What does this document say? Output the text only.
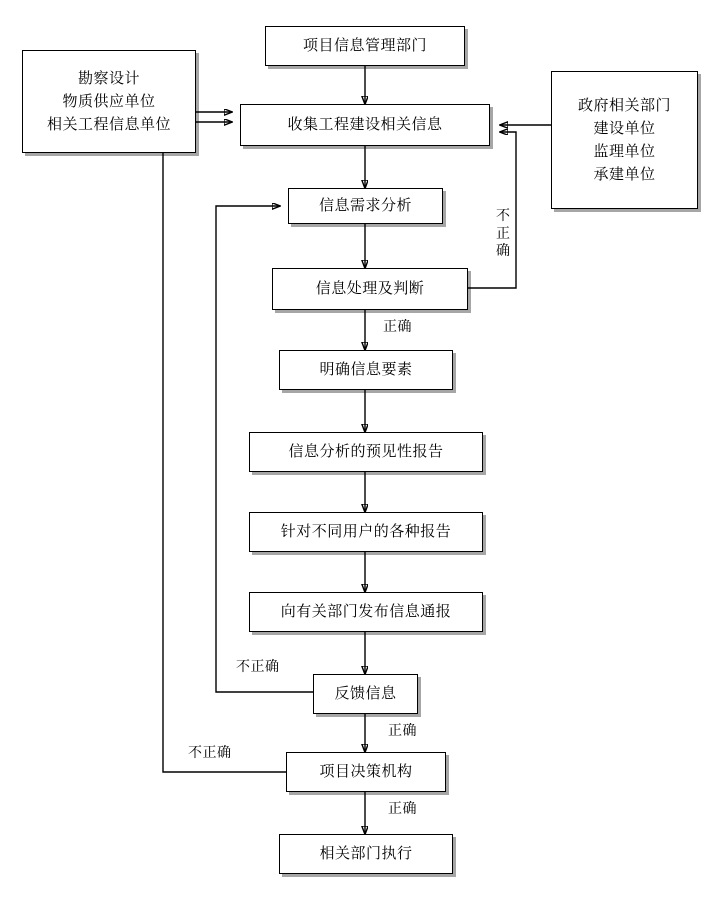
勘察设计
物质供应单位
相关工程信息单位
项目信息管理部门
政府相关部门
建设单位
监理单位
承建单位
收集工程建设相关信息
信息需求分析
信息处理及判断
明确信息要素
信息分析的预见性报告
针对不同用户的各种报告
向有关部门发布信息通报
反馈信息
项目决策机构
相关部门执行
不正确
正确
不正确
正确
不正确
正确
